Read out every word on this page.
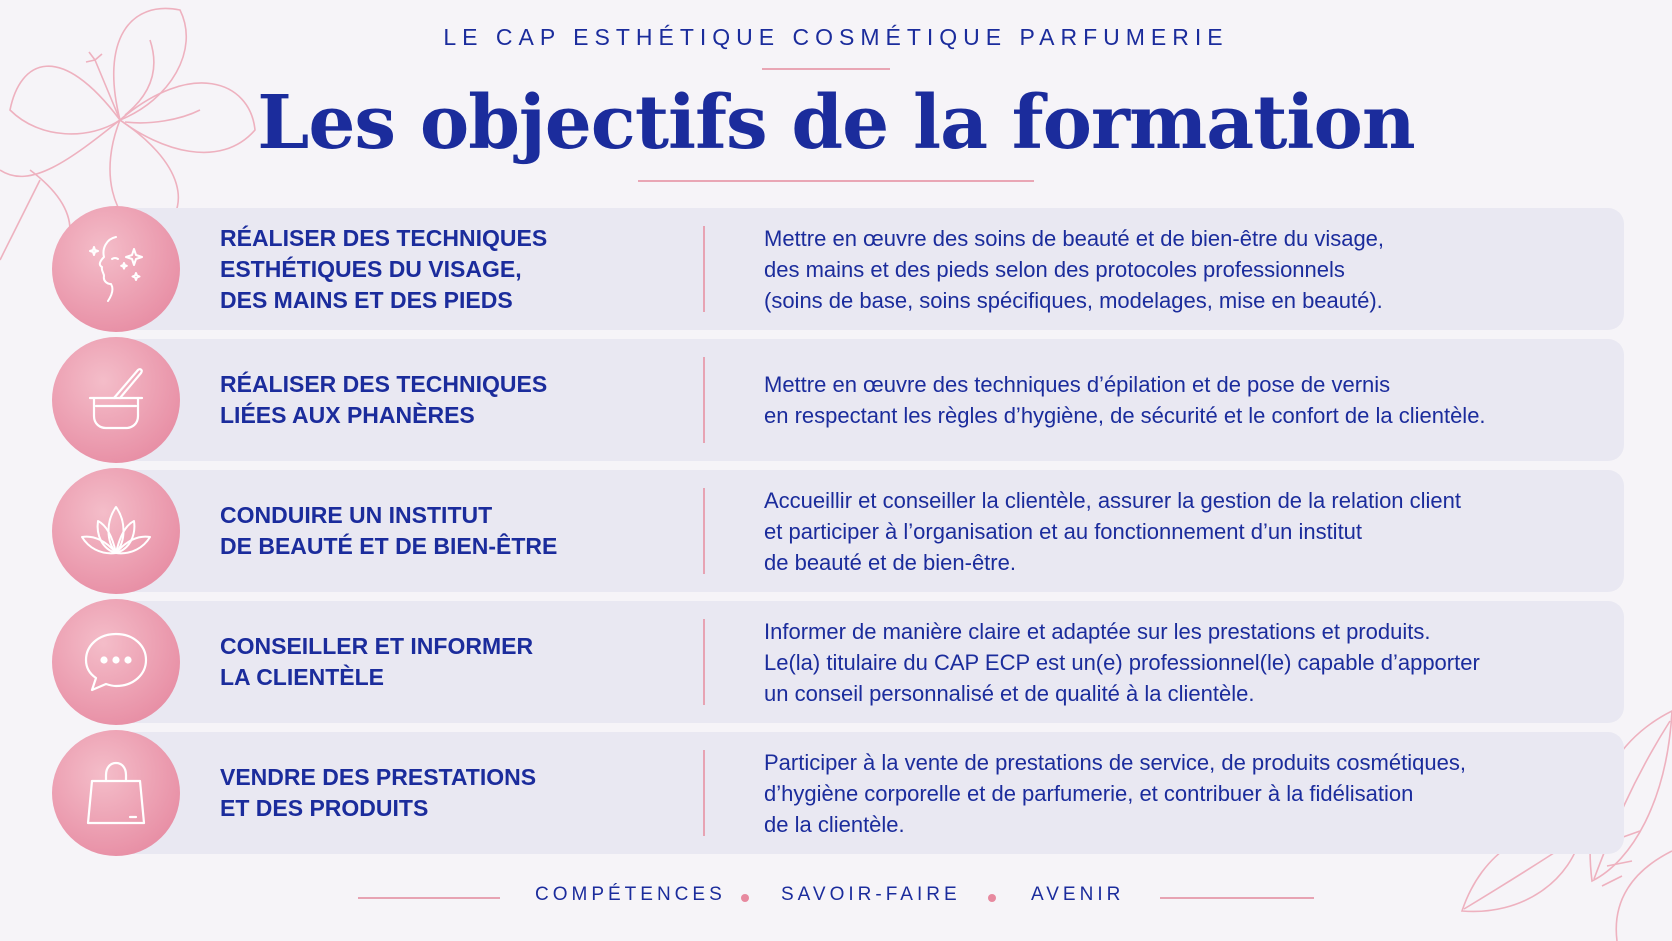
LE CAP ESTHÉTIQUE COSMÉTIQUE PARFUMERIE
Les objectifs de la formation
RÉALISER DES TECHNIQUES
ESTHÉTIQUES DU VISAGE,
DES MAINS ET DES PIEDS
Mettre en œuvre des soins de beauté et de bien-être du visage,
des mains et des pieds selon des protocoles professionnels
(soins de base, soins spécifiques, modelages, mise en beauté).
RÉALISER DES TECHNIQUES
LIÉES AUX PHANÈRES
Mettre en œuvre des techniques d’épilation et de pose de vernis
en respectant les règles d’hygiène, de sécurité et le confort de la clientèle.
CONDUIRE UN INSTITUT
DE BEAUTÉ ET DE BIEN-ÊTRE
Accueillir et conseiller la clientèle, assurer la gestion de la relation client
et participer à l’organisation et au fonctionnement d’un institut
de beauté et de bien-être.
CONSEILLER ET INFORMER
LA CLIENTÈLE
Informer de manière claire et adaptée sur les prestations et produits.
Le(la) titulaire du CAP ECP est un(e) professionnel(le) capable d’apporter
un conseil personnalisé et de qualité à la clientèle.
VENDRE DES PRESTATIONS
ET DES PRODUITS
Participer à la vente de prestations de service, de produits cosmétiques,
d’hygiène corporelle et de parfumerie, et contribuer à la fidélisation
de la clientèle.
COMPÉTENCES	SAVOIR-FAIRE	AVENIR
